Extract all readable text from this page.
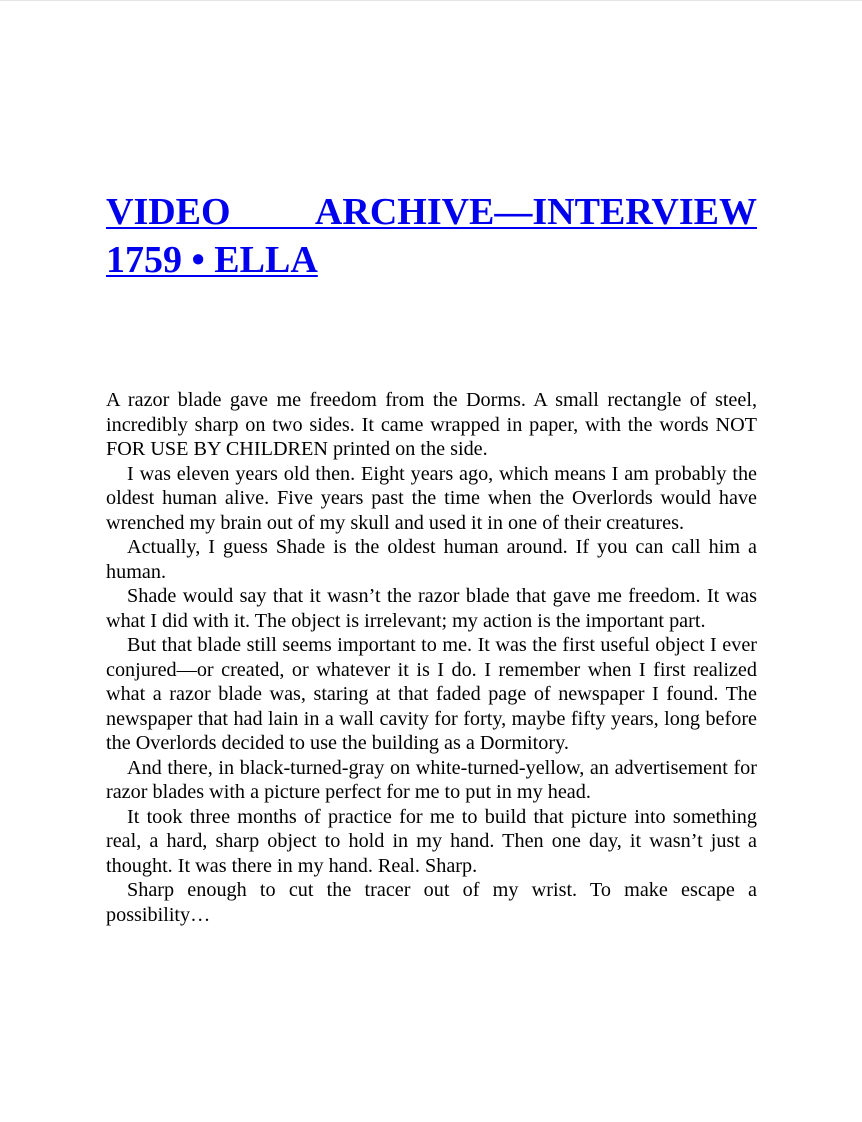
VIDEO ARCHIVE—INTERVIEW 1759 • ELLA

A razor blade gave me freedom from the Dorms. A small rectangle of steel, incredibly sharp on two sides. It came wrapped in paper, with the words NOT FOR USE BY CHILDREN printed on the side.

I was eleven years old then. Eight years ago, which means I am probably the oldest human alive. Five years past the time when the Overlords would have wrenched my brain out of my skull and used it in one of their creatures.

Actually, I guess Shade is the oldest human around. If you can call him a human.

Shade would say that it wasn’t the razor blade that gave me freedom. It was what I did with it. The object is irrelevant; my action is the important part.

But that blade still seems important to me. It was the first useful object I ever conjured—or created, or whatever it is I do. I remember when I first realized what a razor blade was, staring at that faded page of newspaper I found. The newspaper that had lain in a wall cavity for forty, maybe fifty years, long before the Overlords decided to use the building as a Dormitory.

And there, in black-turned-gray on white-turned-yellow, an advertisement for razor blades with a picture perfect for me to put in my head.

It took three months of practice for me to build that picture into something real, a hard, sharp object to hold in my hand. Then one day, it wasn’t just a thought. It was there in my hand. Real. Sharp.

Sharp enough to cut the tracer out of my wrist. To make escape a possibility…
